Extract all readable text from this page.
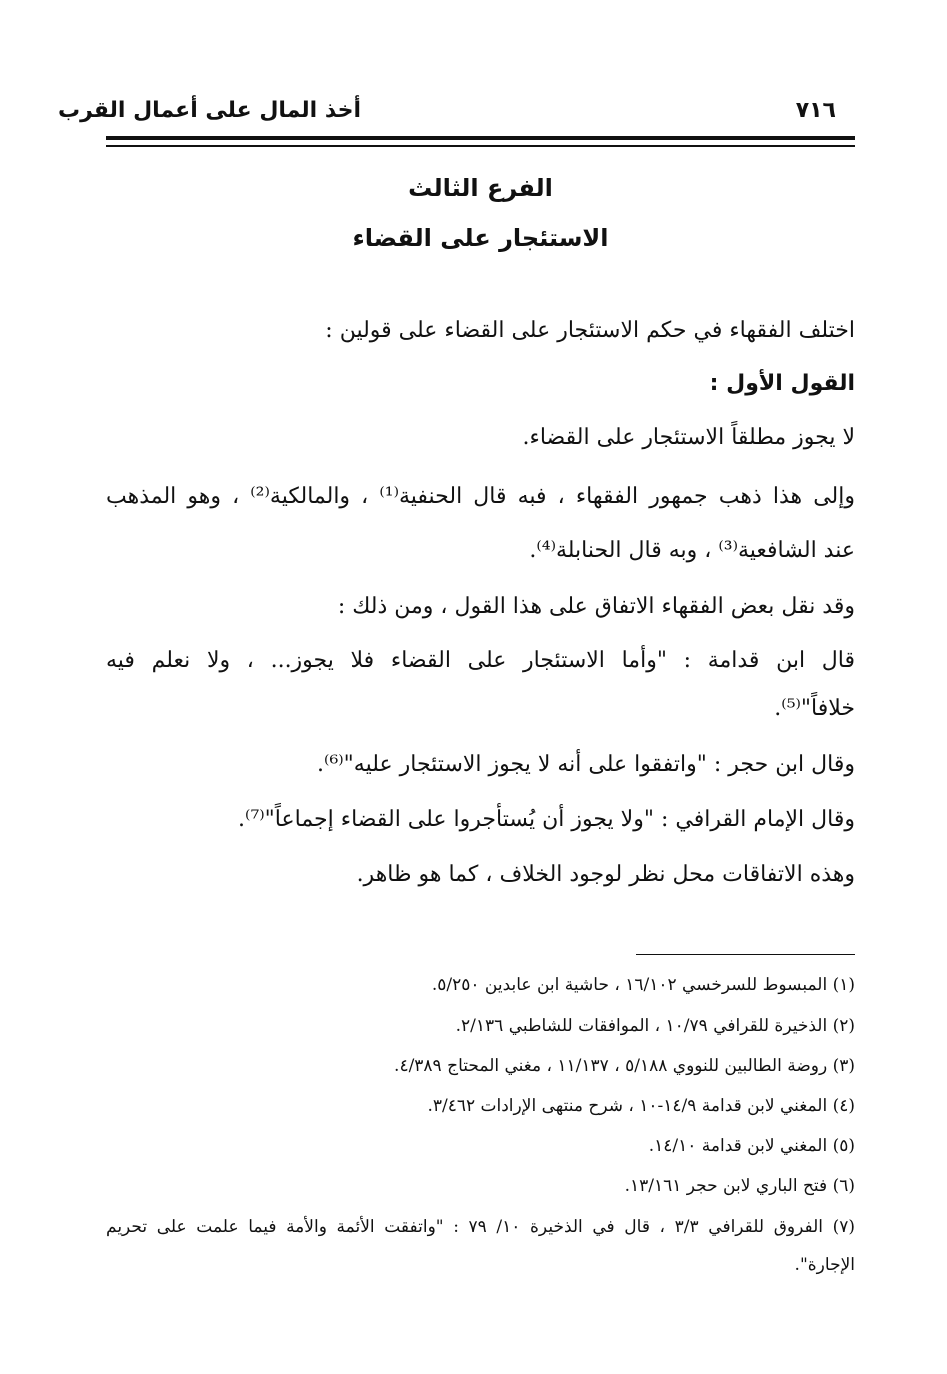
أخذ المال على أعمال القرب	٧١٦
الفرع الثالث
الاستئجار على القضاء
اختلف الفقهاء في حكم الاستئجار على القضاء على قولين :
القول الأول :
لا يجوز مطلقاً الاستئجار على القضاء.
وإلى هذا ذهب جمهور الفقهاء ، فبه قال الحنفية⁽¹⁾ ، والمالكية⁽²⁾ ، وهو المذهب
عند الشافعية⁽³⁾ ، وبه قال الحنابلة⁽⁴⁾.
وقد نقل بعض الفقهاء الاتفاق على هذا القول ، ومن ذلك :
قال ابن قدامة : "وأما الاستئجار على القضاء فلا يجوز... ، ولا نعلم فيه
خلافاً"⁽⁵⁾.
وقال ابن حجر : "واتفقوا على أنه لا يجوز الاستئجار عليه"⁽⁶⁾.
وقال الإمام القرافي : "ولا يجوز أن يُستأجروا على القضاء إجماعاً"⁽⁷⁾.
وهذه الاتفاقات محل نظر لوجود الخلاف ، كما هو ظاهر.
(١) المبسوط للسرخسي ١٦/١٠٢ ، حاشية ابن عابدين ٥/٢٥٠.
(٢) الذخيرة للقرافي ١٠/٧٩ ، الموافقات للشاطبي ٢/١٣٦.
(٣) روضة الطالبين للنووي ٥/١٨٨ ، ١١/١٣٧ ، مغني المحتاج ٤/٣٨٩.
(٤) المغني لابن قدامة ١٤/٩-١٠ ، شرح منتهى الإرادات ٣/٤٦٢.
(٥) المغني لابن قدامة ١٤/١٠.
(٦) فتح الباري لابن حجر ١٣/١٦١.
(٧) الفروق للقرافي ٣/٣ ، قال في الذخيرة ١٠/ ٧٩ : "واتفقت الأئمة والأمة فيما علمت على تحريم
الإجارة".
